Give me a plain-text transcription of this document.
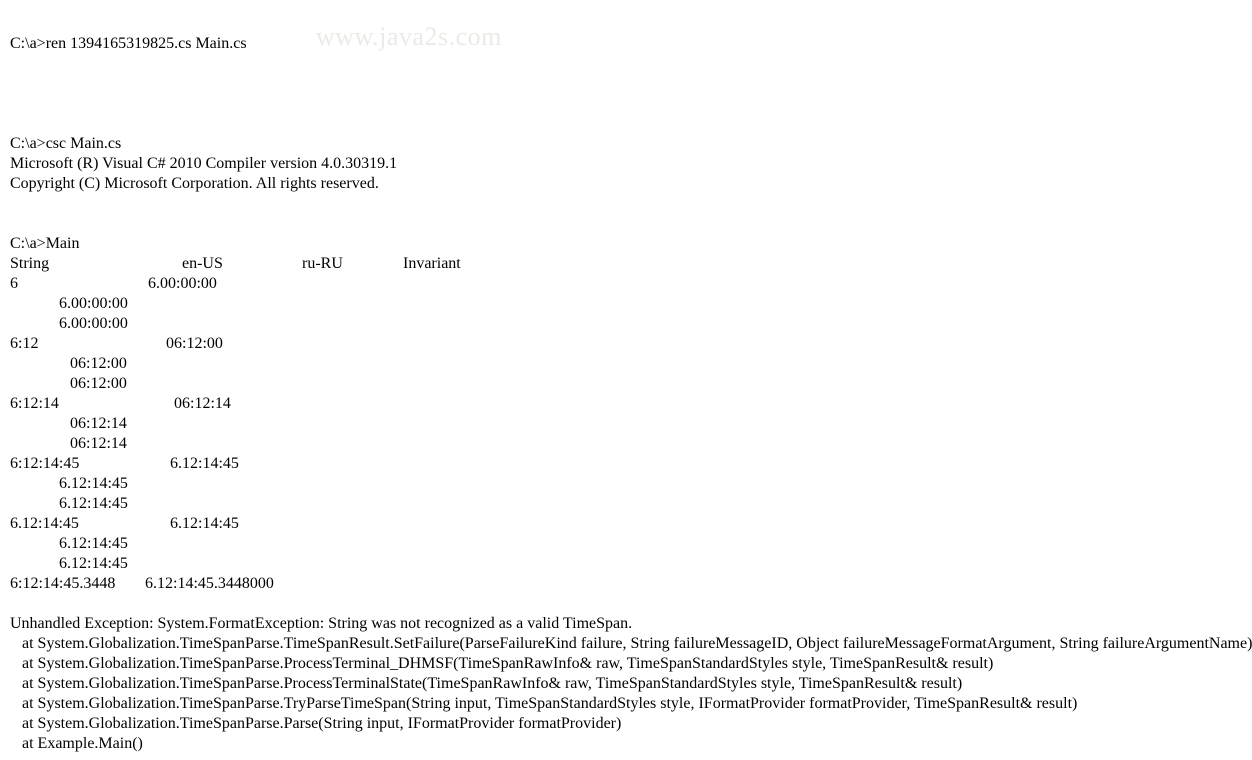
www.java2s.com
C:\a>ren 1394165319825.cs Main.cs
C:\a>csc Main.cs
Microsoft (R) Visual C# 2010 Compiler version 4.0.30319.1
Copyright (C) Microsoft Corporation. All rights reserved.
C:\a>Main
String	en-US	ru-RU	Invariant
6	6.00:00:00
6.00:00:00
6.00:00:00
6:12	06:12:00
06:12:00
06:12:00
6:12:14	06:12:14
06:12:14
06:12:14
6:12:14:45	6.12:14:45
6.12:14:45
6.12:14:45
6.12:14:45	6.12:14:45
6.12:14:45
6.12:14:45
6:12:14:45.3448 6.12:14:45.3448000
Unhandled Exception: System.FormatException: String was not recognized as a valid TimeSpan.
at System.Globalization.TimeSpanParse.TimeSpanResult.SetFailure(ParseFailureKind failure, String failureMessageID, Object failureMessageFormatArgument, String failureArgumentName)
at System.Globalization.TimeSpanParse.ProcessTerminal_DHMSF(TimeSpanRawInfo& raw, TimeSpanStandardStyles style, TimeSpanResult& result)
at System.Globalization.TimeSpanParse.ProcessTerminalState(TimeSpanRawInfo& raw, TimeSpanStandardStyles style, TimeSpanResult& result)
at System.Globalization.TimeSpanParse.TryParseTimeSpan(String input, TimeSpanStandardStyles style, IFormatProvider formatProvider, TimeSpanResult& result)
at System.Globalization.TimeSpanParse.Parse(String input, IFormatProvider formatProvider)
at Example.Main()
